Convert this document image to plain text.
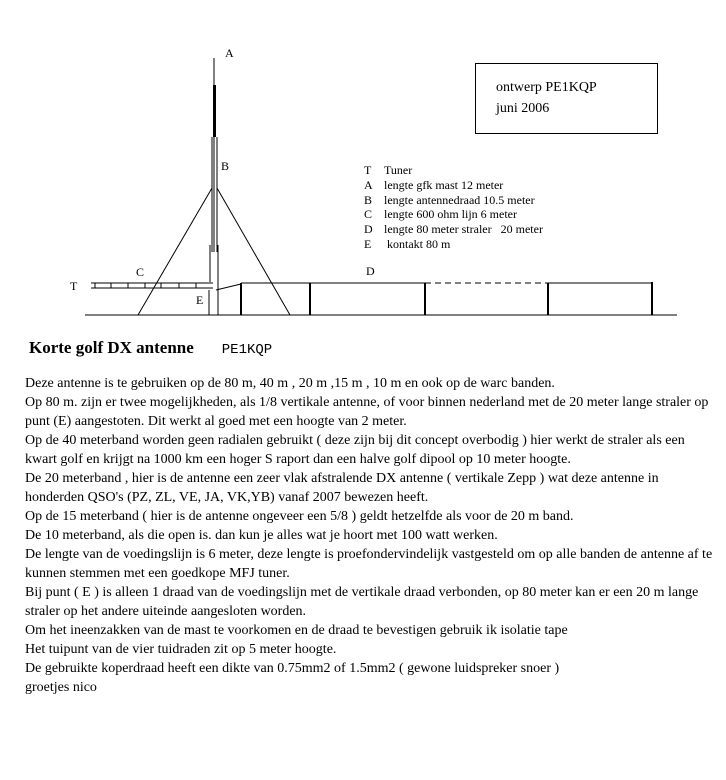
A
B
C	D
E
T
ontwerp PE1KQP
juni 2006
T	Tuner
A lengte gfk mast 12 meter
B lengte antennedraad 10.5 meter
C lengte 600 ohm lijn 6 meter
D lengte 80 meter straler   20 meter
E	kontakt 80 m
Korte golf DX antenne PE1KQP

Deze antenne is te gebruiken op de 80 m, 40 m , 20 m ,15 m , 10 m en ook op de warc banden.

Op 80 m. zijn er twee mogelijkheden, als 1/8 vertikale antenne, of voor binnen nederland met de 20 meter lange straler op punt (E) aangestoten. Dit werkt al goed met een hoogte van 2 meter.

Op de 40 meterband worden geen radialen gebruikt ( deze zijn bij dit concept overbodig ) hier werkt de straler als een kwart golf en krijgt na 1000 km een hoger S raport dan een halve golf dipool op 10 meter hoogte.

De 20 meterband , hier is de antenne een zeer vlak afstralende DX antenne ( vertikale Zepp ) wat deze antenne in honderden QSO's (PZ, ZL, VE, JA, VK,YB) vanaf 2007 bewezen heeft.

Op de 15 meterband ( hier is de antenne ongeveer een 5/8 ) geldt hetzelfde als voor de 20 m band.

De 10 meterband, als die open is. dan kun je alles wat je hoort met 100 watt werken.

De lengte van de voedingslijn is 6 meter, deze lengte is proefondervindelijk vastgesteld om op alle banden de antenne af te kunnen stemmen met een goedkope MFJ tuner.

Bij punt ( E ) is alleen 1 draad van de voedingslijn met de vertikale draad verbonden, op 80 meter kan er een 20 m lange straler op het andere uiteinde aangesloten worden.

Om het ineenzakken van de mast te voorkomen en de draad te bevestigen gebruik ik isolatie tape

Het tuipunt van de vier tuidraden zit op 5 meter hoogte.

De gebruikte koperdraad heeft een dikte van 0.75mm2 of 1.5mm2 ( gewone luidspreker snoer )

groetjes nico
